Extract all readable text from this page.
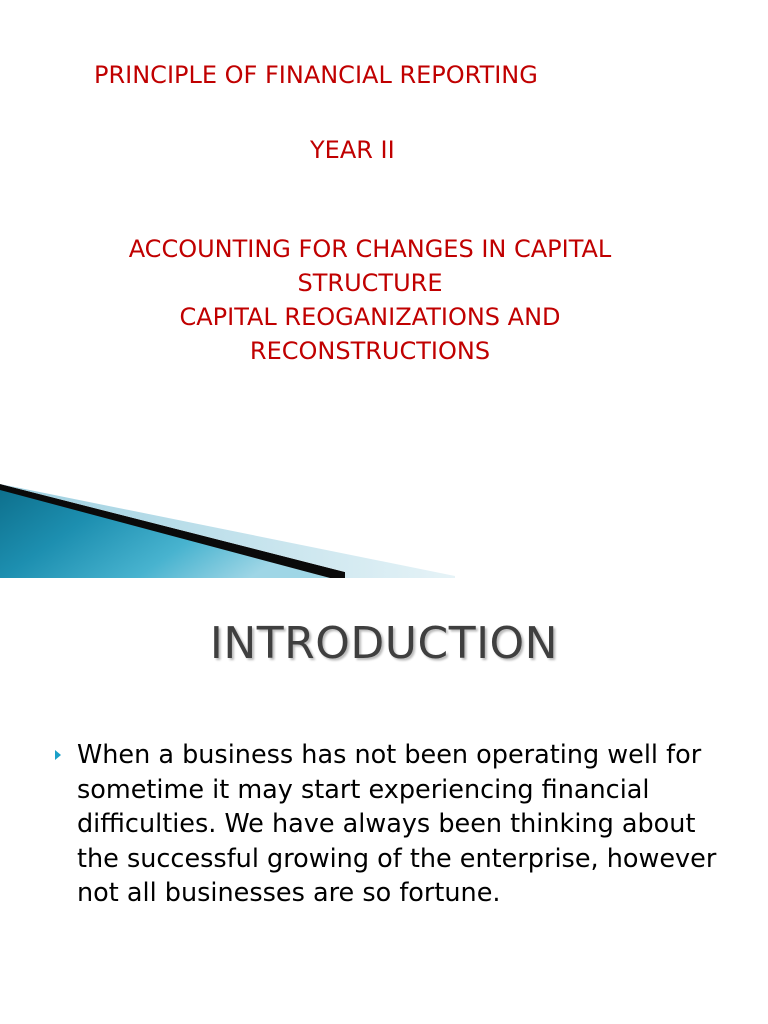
PRINCIPLE OF FINANCIAL REPORTING
YEAR II
ACCOUNTING FOR CHANGES IN CAPITAL
STRUCTURE
CAPITAL REOGANIZATIONS AND
RECONSTRUCTIONS
INTRODUCTION
When a business has not been operating well for sometime it may start experiencing financial difficulties. We have always been thinking about the successful growing of the enterprise, however not all businesses are so fortune.
